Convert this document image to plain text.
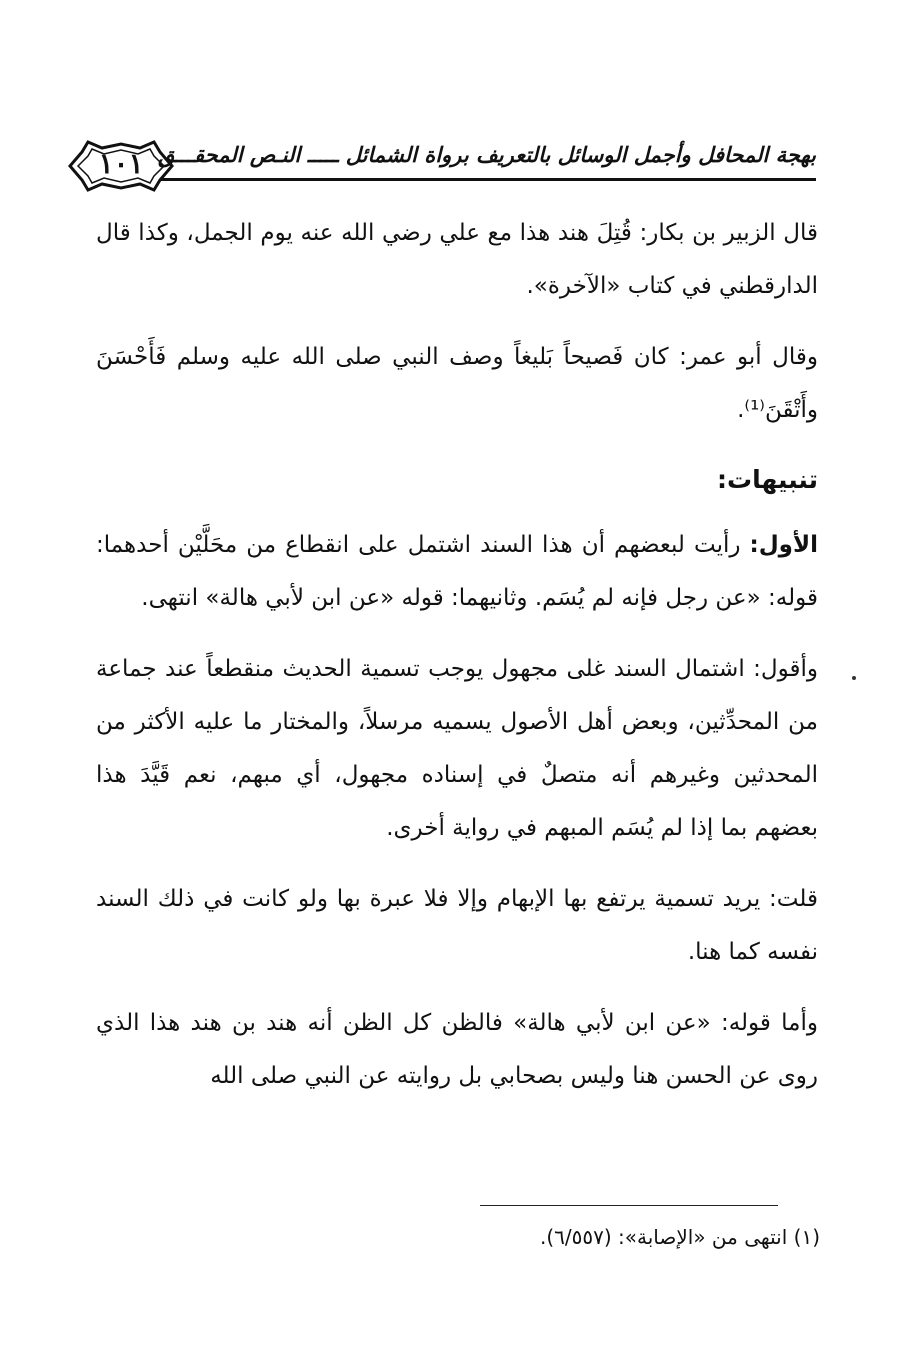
بهجة المحافل وأجمل الوسائل بالتعريف برواة الشمائل ـــــ النـص المحقـــق
١٠١

قال الزبير بن بكار: قُتِلَ هند هذا مع علي رضي الله عنه يوم الجمل، وكذا قال الدارقطني في كتاب «الآخرة».

وقال أبو عمر: كان فَصيحاً بَليغاً وصف النبي صلى الله عليه وسلم فَأَحْسَنَ وأَتْقَنَ⁽¹⁾.

تنبيهات:

الأول: رأيت لبعضهم أن هذا السند اشتمل على انقطاع من محَلَّيْن أحدهما: قوله: «عن رجل فإنه لم يُسَم. وثانيهما: قوله «عن ابن لأبي هالة» انتهى.

وأقول: اشتمال السند غلى مجهول يوجب تسمية الحديث منقطعاً عند جماعة من المحدِّثين، وبعض أهل الأصول يسميه مرسلاً، والمختار ما عليه الأكثر من المحدثين وغيرهم أنه متصلٌ في إسناده مجهول، أي مبهم، نعم قَيَّدَ هذا بعضهم بما إذا لم يُسَم المبهم في رواية أخرى.

قلت: يريد تسمية يرتفع بها الإبهام وإلا فلا عبرة بها ولو كانت في ذلك السند نفسه كما هنا.

وأما قوله: «عن ابن لأبي هالة» فالظن كل الظن أنه هند بن هند هذا الذي روى عن الحسن هنا وليس بصحابي بل روايته عن النبي صلى الله

(١) انتهى من «الإصابة»: (٦/٥٥٧).
